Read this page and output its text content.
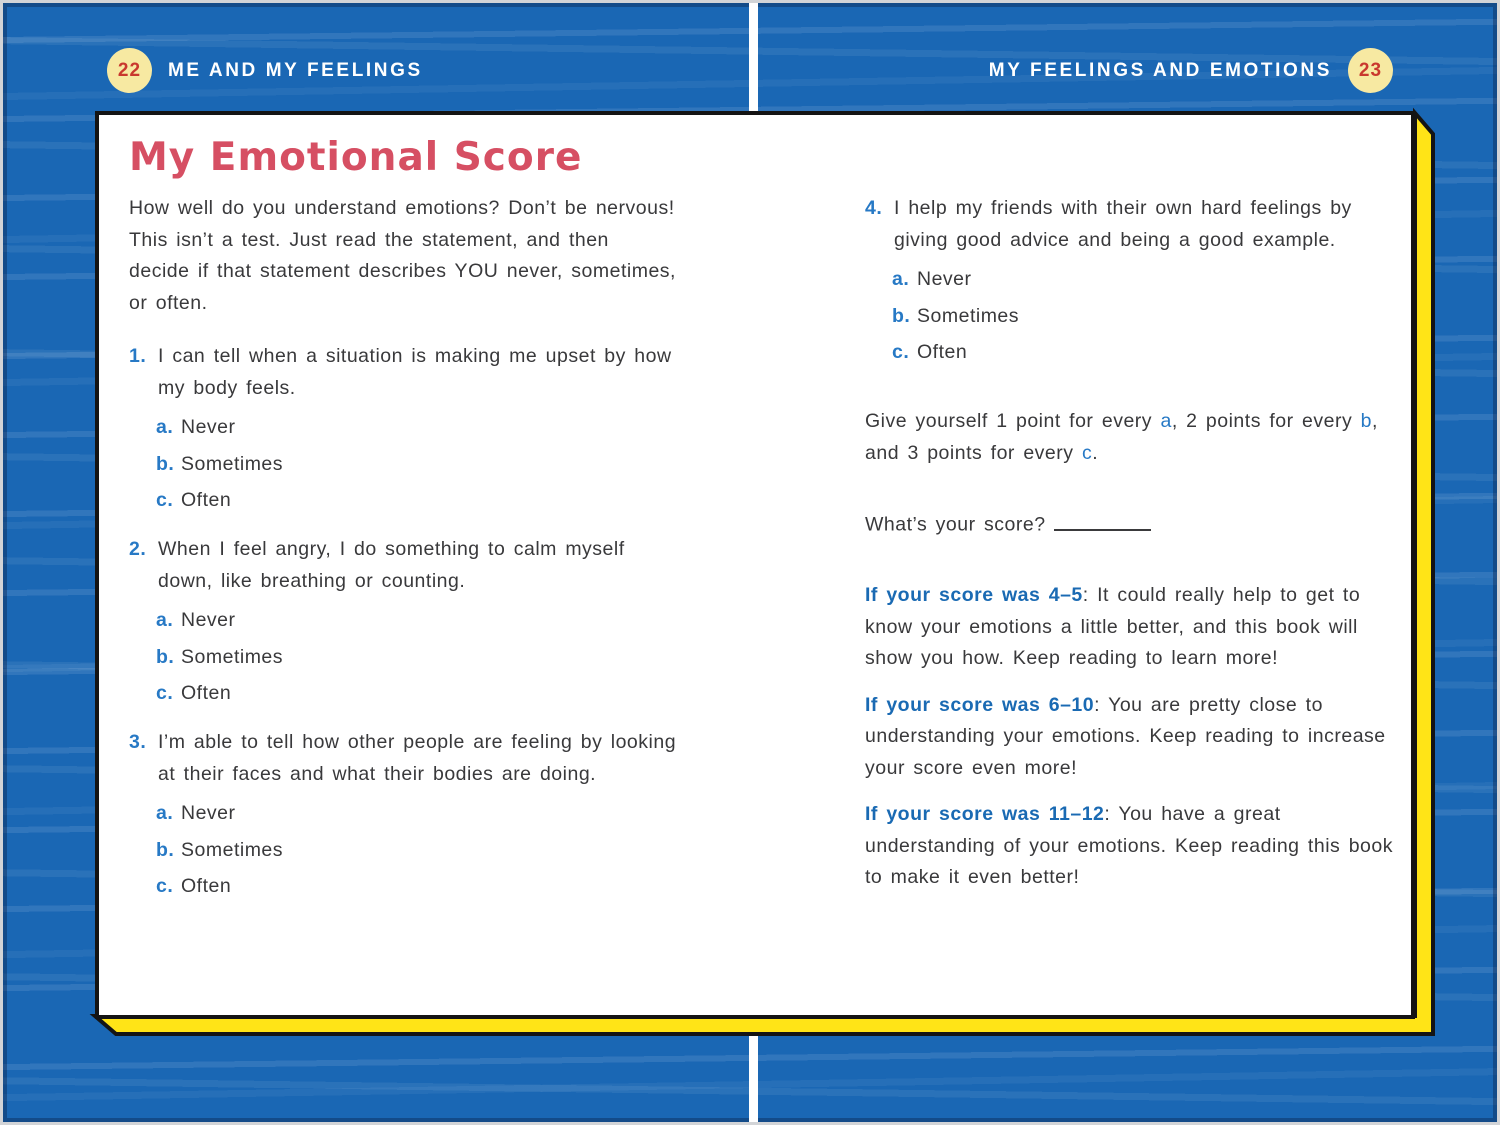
22	ME AND MY FEELINGS	MY FEELINGS AND EMOTIONS	23
My Emotional Score

How well do you understand emotions? Don’t be nervous! This isn’t a test. Just read the statement, and then decide if that statement describes YOU never, sometimes, or often.

1. I can tell when a situation is making me upset by how my body feels.
a. Never
b. Sometimes
c. Often
2. When I feel angry, I do something to calm myself down, like breathing or counting.
a. Never
b. Sometimes
c. Often
3. I’m able to tell how other people are feeling by looking at their faces and what their bodies are doing.
a. Never
b. Sometimes
c. Often
4. I help my friends with their own hard feelings by giving good advice and being a good example.
a. Never
b. Sometimes
c. Often

Give yourself 1 point for every a, 2 points for every b, and 3 points for every c.

What’s your score?

If your score was 4–5: It could really help to get to know your emotions a little better, and this book will show you how. Keep reading to learn more!

If your score was 6–10: You are pretty close to understanding your emotions. Keep reading to increase your score even more!

If your score was 11–12: You have a great understanding of your emotions. Keep reading this book to make it even better!
